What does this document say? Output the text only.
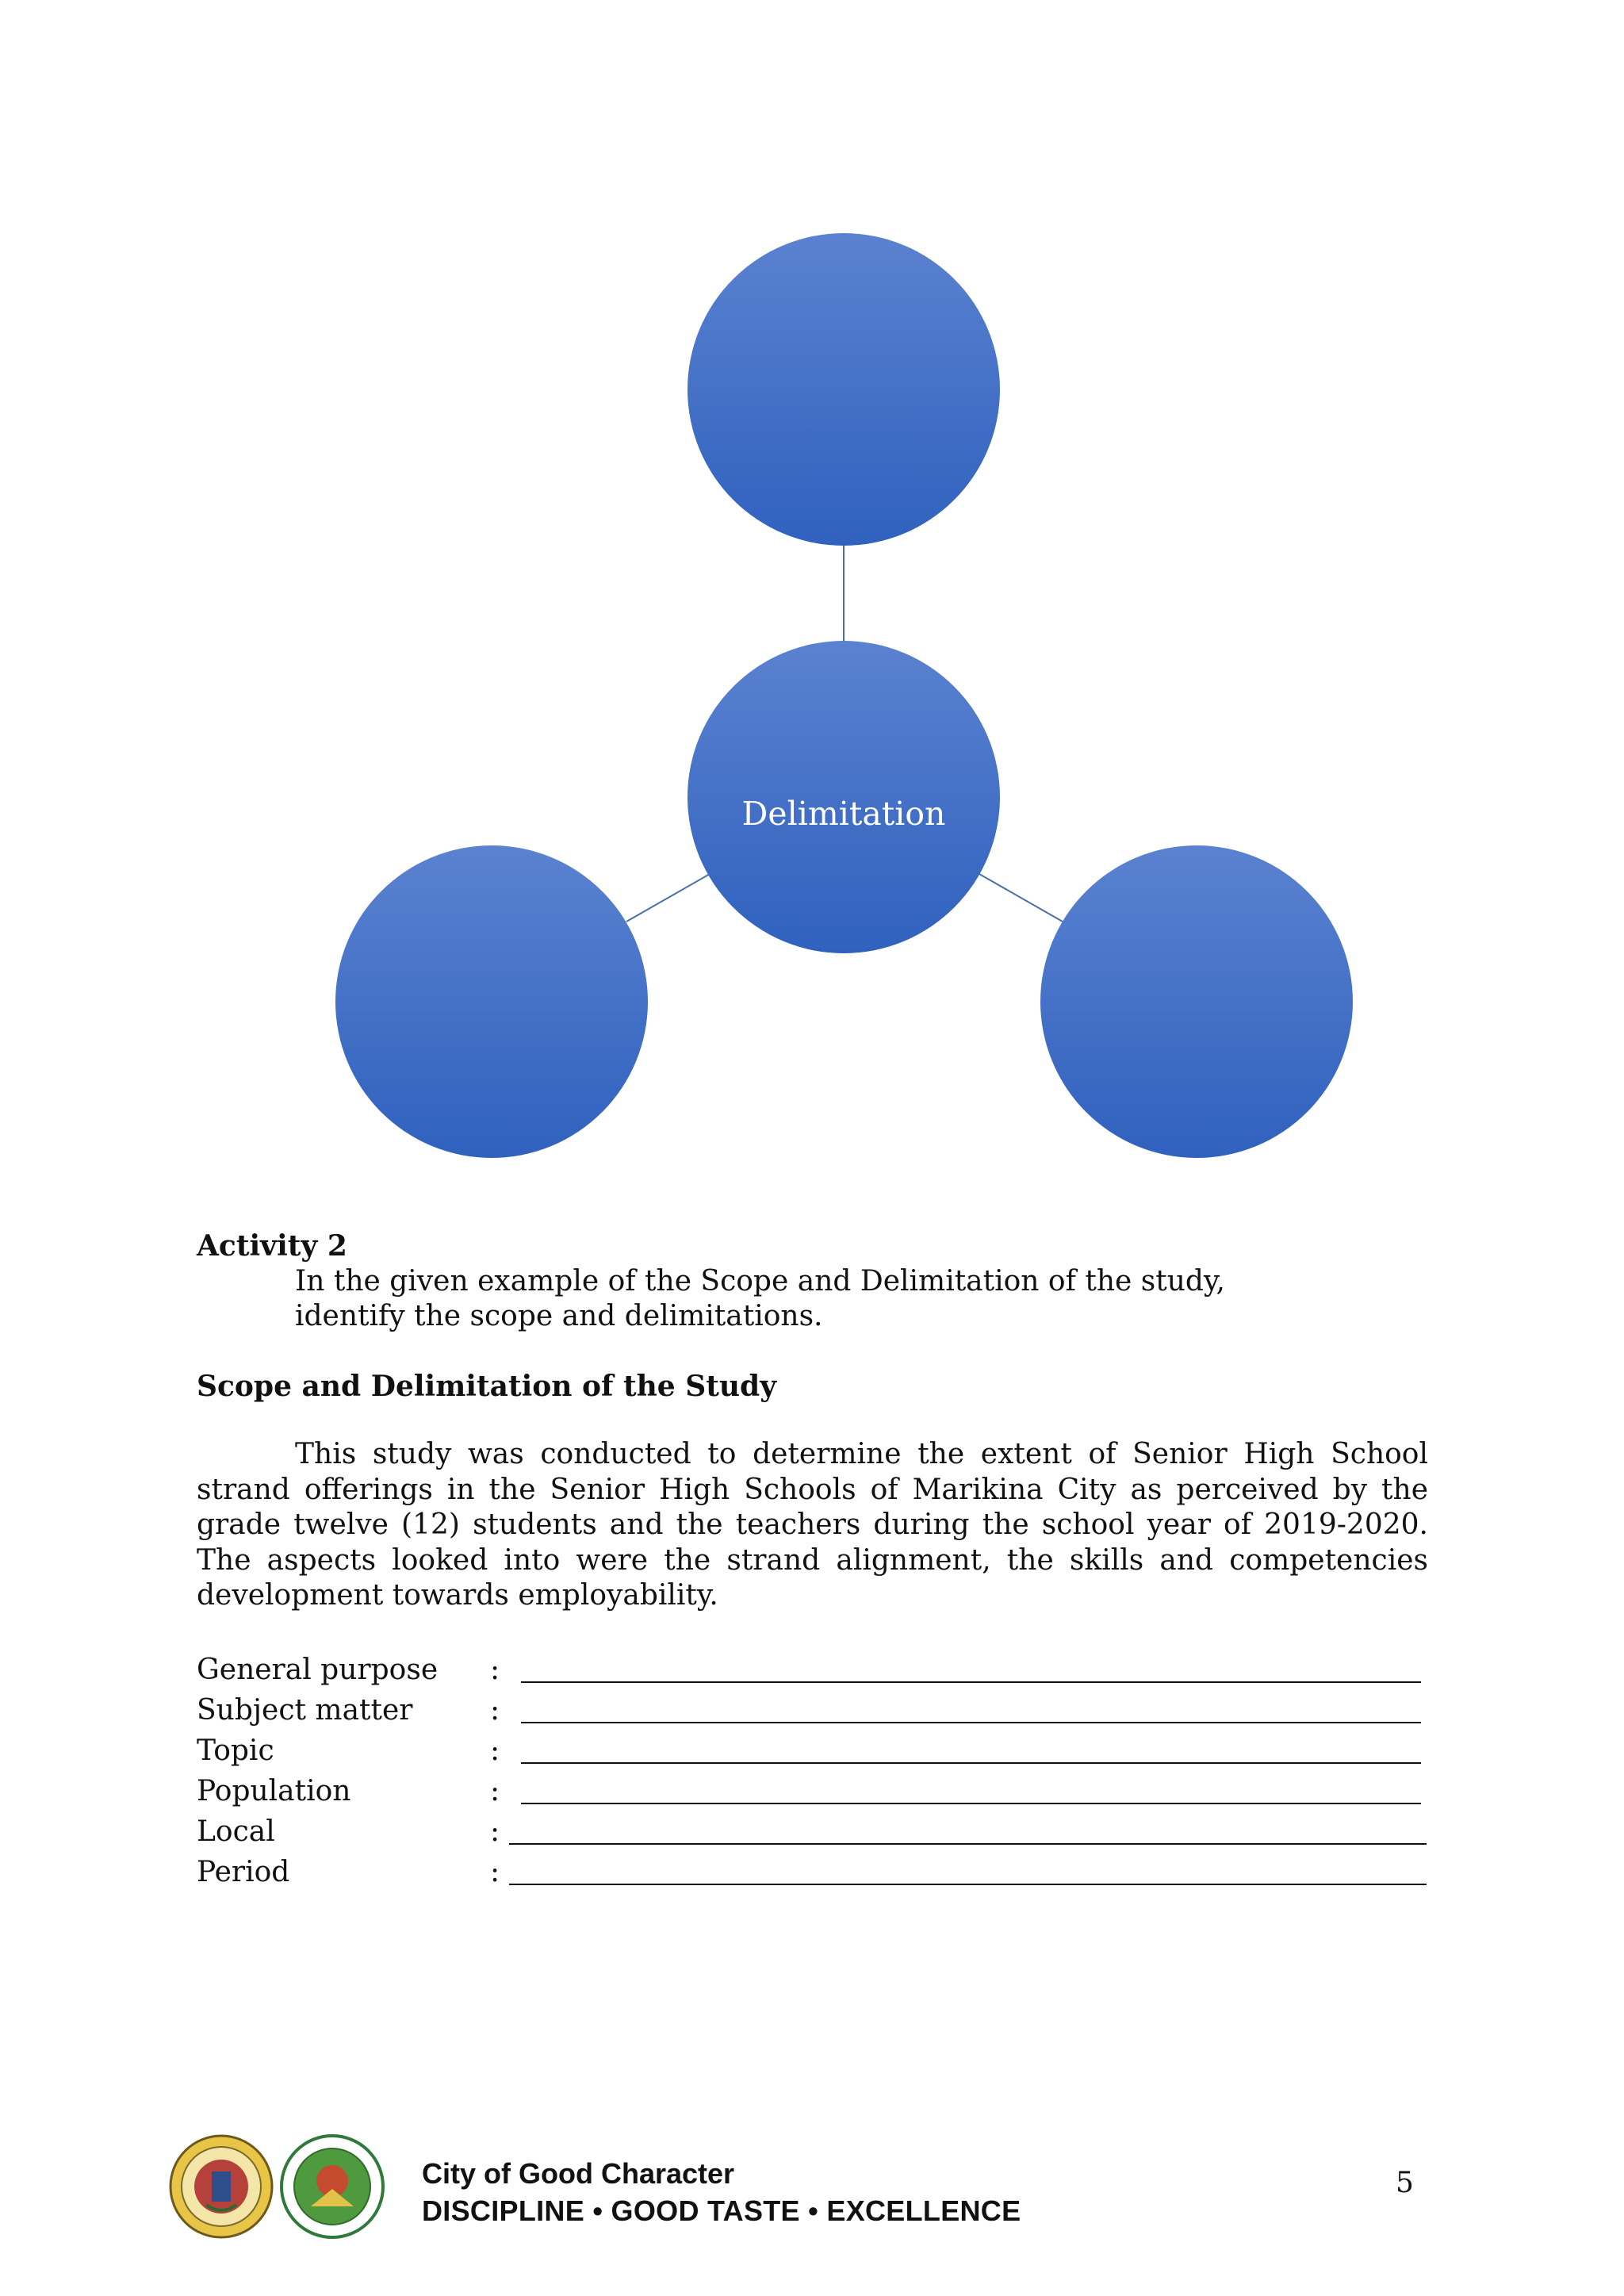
Delimitation
Activity 2
In the given example of the Scope and Delimitation of the study,
identify the scope and delimitations.
Scope and Delimitation of the Study
This study was conducted to determine the extent of Senior High School strand offerings in the Senior High Schools of Marikina City as perceived by the grade twelve (12) students and the teachers during the school year of 2019-2020. The aspects looked into were the strand alignment, the skills and competencies development towards employability.
General purpose :
Subject matter	:
Topic	:
Population	:
Local	:
Period	:
City of Good Character
DISCIPLINE • GOOD TASTE • EXCELLENCE
5
